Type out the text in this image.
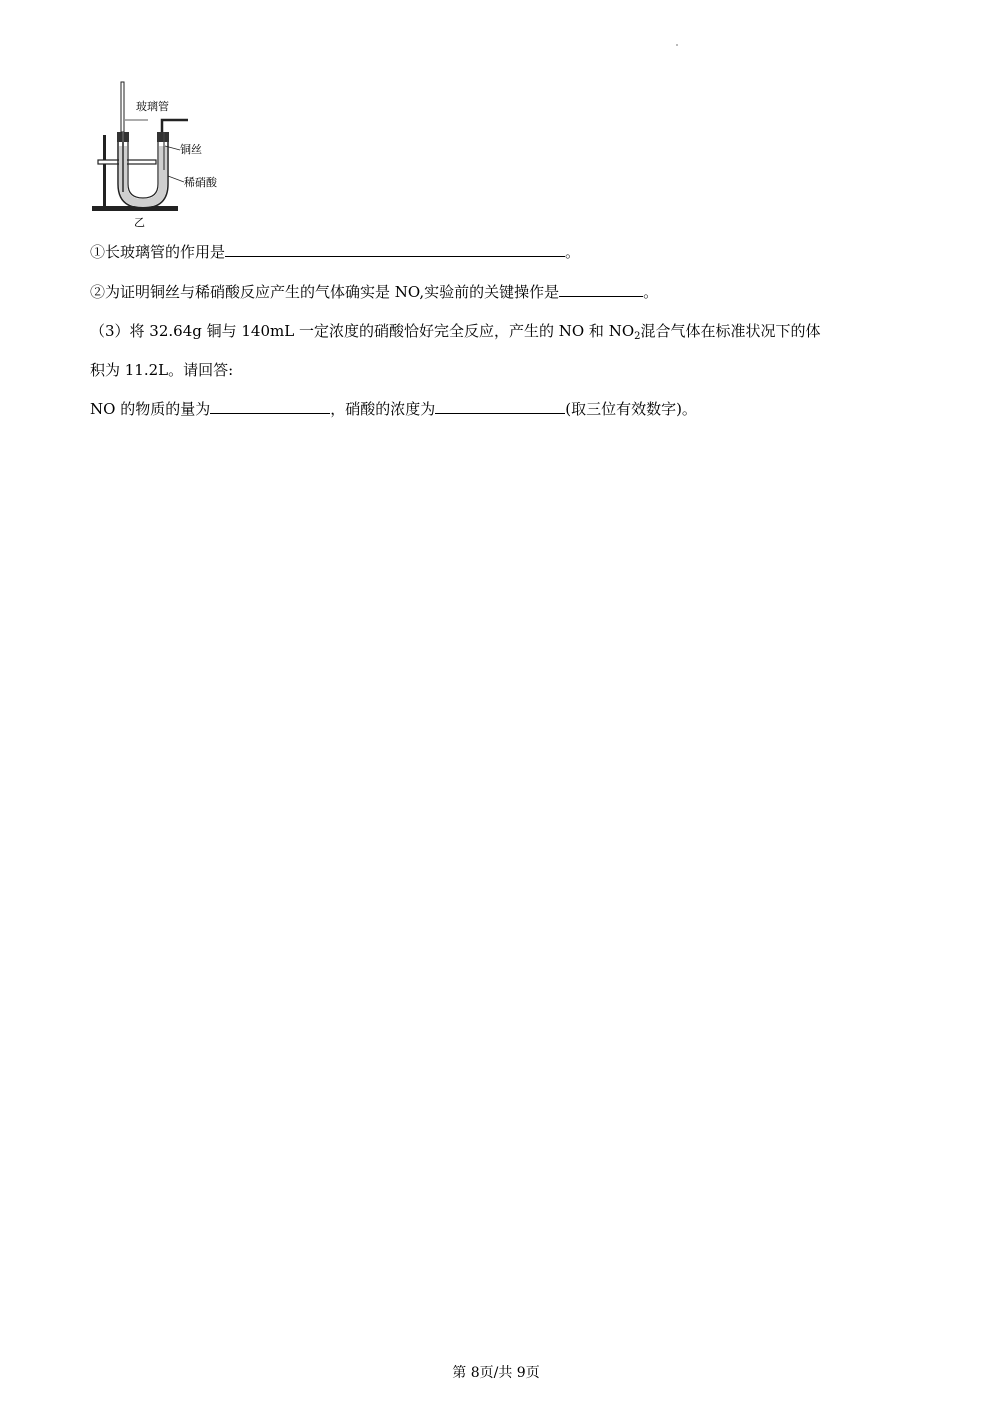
玻璃管
铜丝
稀硝酸
乙
①长玻璃管的作用是	。
②为证明铜丝与稀硝酸反应产生的气体确实是 NO,实验前的关键操作是	。
（3）将 32.64g 铜与 140mL 一定浓度的硝酸恰好完全反应，产生的 NO 和 $NO_2$混合气体在标准状况下的体
积为 11.2L。请回答:
NO 的物质的量为	，硝酸的浓度为	(取三位有效数字)。
第 8页/共 9页
